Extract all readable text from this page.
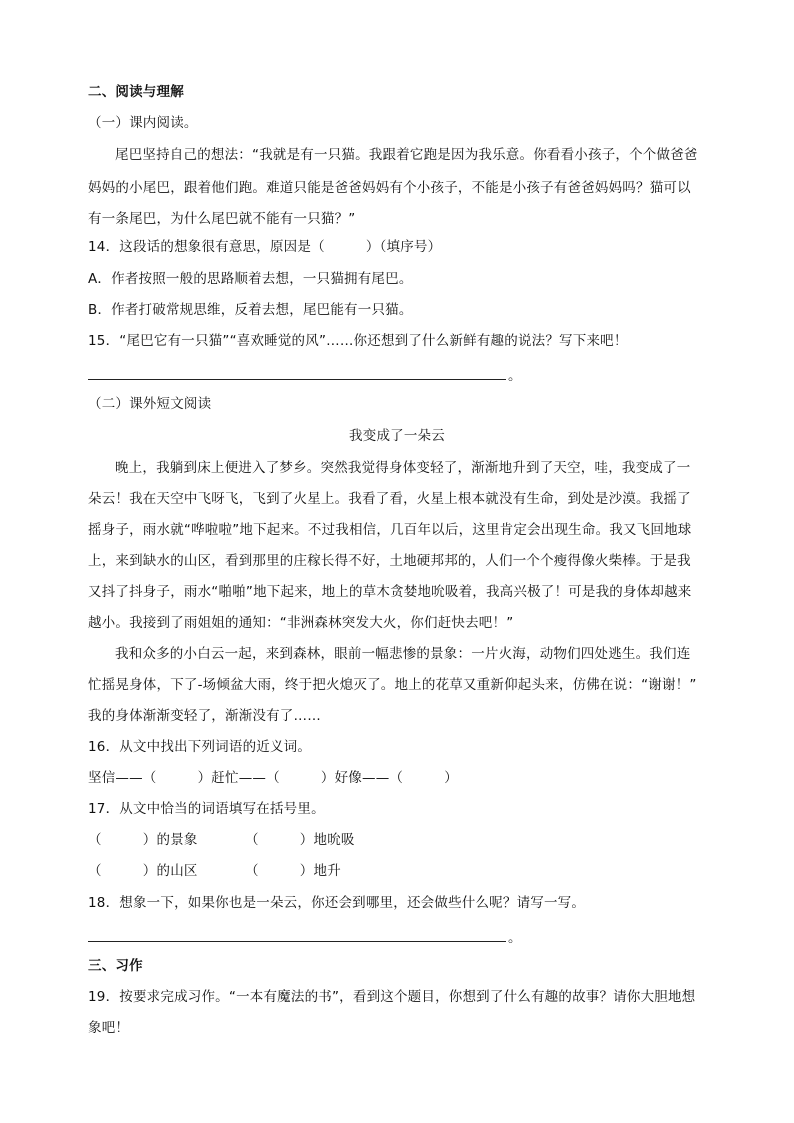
二、阅读与理解
（一）课内阅读。
尾巴坚持自己的想法：“我就是有一只猫。我跟着它跑是因为我乐意。你看看小孩子，个个做爸爸
妈妈的小尾巴，跟着他们跑。难道只能是爸爸妈妈有个小孩子，不能是小孩子有爸爸妈妈吗？猫可以
有一条尾巴，为什么尾巴就不能有一只猫？”
14．这段话的想象很有意思，原因是（　　　）（填序号）
A．作者按照一般的思路顺着去想，一只猫拥有尾巴。
B．作者打破常规思维，反着去想，尾巴能有一只猫。
15．“尾巴它有一只猫”“喜欢睡觉的风”……你还想到了什么新鲜有趣的说法？写下来吧！
。
（二）课外短文阅读
我变成了一朵云
晚上，我躺到床上便进入了梦乡。突然我觉得身体变轻了，渐渐地升到了天空，哇，我变成了一
朵云！我在天空中飞呀飞，飞到了火星上。我看了看，火星上根本就没有生命，到处是沙漠。我摇了
摇身子，雨水就“哗啦啦”地下起来。不过我相信，几百年以后，这里肯定会出现生命。我又飞回地球
上，来到缺水的山区，看到那里的庄稼长得不好，土地硬邦邦的，人们一个个瘦得像火柴棒。于是我
又抖了抖身子，雨水“啪啪”地下起来，地上的草木贪婪地吮吸着，我高兴极了！可是我的身体却越来
越小。我接到了雨姐姐的通知：“非洲森林突发大火，你们赶快去吧！”
我和众多的小白云一起，来到森林，眼前一幅悲惨的景象：一片火海，动物们四处逃生。我们连
忙摇晃身体，下了-场倾盆大雨，终于把火熄灭了。地上的花草又重新仰起头来，仿佛在说：“谢谢！”
我的身体渐渐变轻了，渐渐没有了……
16．从文中找出下列词语的近义词。
坚信——（　　　）赶忙——（　　　）好像——（　　　）
17．从文中恰当的词语填写在括号里。
（　　　）的景象	（　　　）地吮吸
（　　　）的山区	（　　　）地升
18．想象一下，如果你也是一朵云，你还会到哪里，还会做些什么呢？请写一写。
。
三、习作
19．按要求完成习作。“一本有魔法的书”，看到这个题目，你想到了什么有趣的故事？请你大胆地想
象吧！
